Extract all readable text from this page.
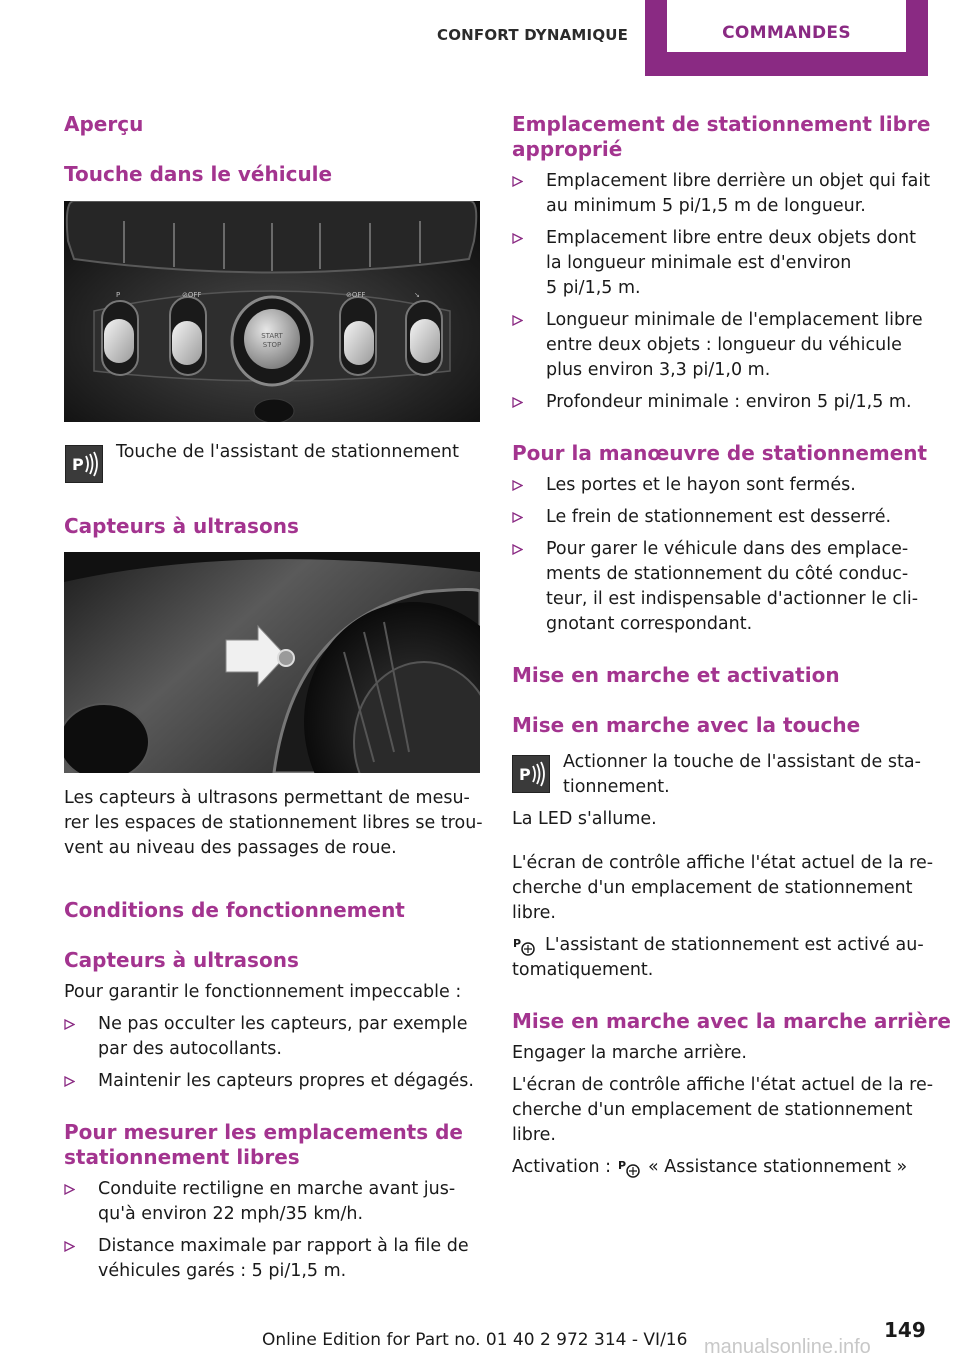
CONFORT DYNAMIQUE	COMMANDES
Aperçu
Touche dans le véhicule
START
STOP
P	⊘OFF	⊘OFF	↘
P
Touche de l'assistant de stationnement
Capteurs à ultrasons
Les capteurs à ultrasons permettant de mesu-
rer les espaces de stationnement libres se trou-
vent au niveau des passages de roue.
Conditions de fonctionnement
Capteurs à ultrasons
Pour garantir le fonctionnement impeccable :
Ne pas occulter les capteurs, par exemple
par des autocollants.
Maintenir les capteurs propres et dégagés.
Pour mesurer les emplacements de
stationnement libres
Conduite rectiligne en marche avant jus-
qu'à environ 22 mph/35 km/h.
Distance maximale par rapport à la file de
véhicules garés : 5 pi/1,5 m.
Emplacement de stationnement libre
approprié
Emplacement libre derrière un objet qui fait
au minimum 5 pi/1,5 m de longueur.
Emplacement libre entre deux objets dont
la longueur minimale est d'environ
5 pi/1,5 m.
Longueur minimale de l'emplacement libre
entre deux objets : longueur du véhicule
plus environ 3,3 pi/1,0 m.
Profondeur minimale : environ 5 pi/1,5 m.
Pour la manœuvre de stationnement
Les portes et le hayon sont fermés.
Le frein de stationnement est desserré.
Pour garer le véhicule dans des emplace-
ments de stationnement du côté conduc-
teur, il est indispensable d'actionner le cli-
gnotant correspondant.
Mise en marche et activation
Mise en marche avec la touche
P
Actionner la touche de l'assistant de sta-
tionnement.
La LED s'allume.
L'écran de contrôle affiche l'état actuel de la re-
cherche d'un emplacement de stationnement
libre.
P L'assistant de stationnement est activé au-
tomatiquement.
Mise en marche avec la marche arrière
Engager la marche arrière.
L'écran de contrôle affiche l'état actuel de la re-
cherche d'un emplacement de stationnement
libre.
Activation : P « Assistance stationnement »
149
Online Edition for Part no. 01 40 2 972 314 - VI/16 manualsonline.info
